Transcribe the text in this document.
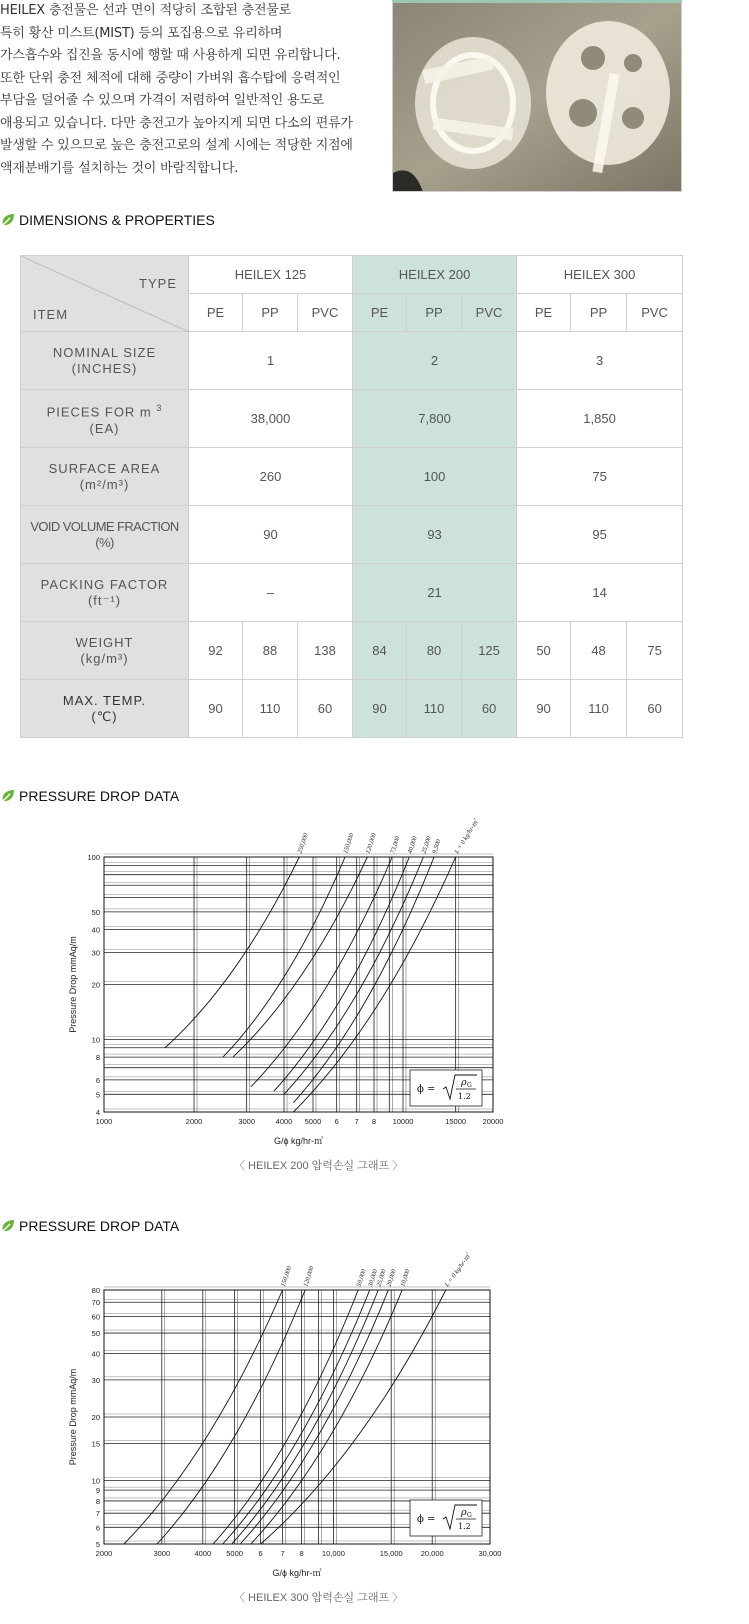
HEILEX 충전물은 선과 면이 적당히 조합된 충전물로
특히 황산 미스트(MIST) 등의 포집용으로 유리하며
가스흡수와 집진을 동시에 행할 때 사용하게 되면 유리합니다.
또한 단위 충전 체적에 대해 중량이 가벼워 흡수탑에 응력적인
부담을 덜어줄 수 있으며 가격이 저렴하여 일반적인 용도로
애용되고 있습니다. 다만 충전고가 높아지게 되면 다소의 편류가
발생할 수 있으므로 높은 충전고로의 설계 시에는 적당한 지점에
액재분배기를 설치하는 것이 바람직합니다.
DIMENSIONS & PROPERTIES
TYPE
ITEM	HEILEX 125			HEILEX 200			HEILEX 300		
	PE	PP	PVC	PE	PP	PVC	PE	PP	PVC
NOMINAL SIZE
(INCHES)	1			2			3		
PIECES FOR m $^3$
(EA)	38,000			7,800			1,850		
SURFACE AREA
(m²/m³)	260			100			75		
VOID VOLUME FRACTION
(%)	90			93			95		
PACKING FACTOR
(ft⁻¹)	–			21			14		
WEIGHT
(kg/m³)	92	88	138	84	80	125	50	48	75
MAX. TEMP.
(℃)	90	110	60	90	110	60	90	110	60
PRESSURE DROP DATA
1000	2000	3000	4000 5000 6 7 8 10000	15000 20000
4
5
6
8
10
20
30
40
50
100
G/ϕ kg/hr-㎡
Pressure Drop mmAq/m
250,000	150,000 120,000 73,000 40,000 25,000
9,500 L = 0 kg/hr-㎡
ϕ =
ρ G
1.2
〈 HEILEX 200 압력손실 그래프 〉
PRESSURE DROP DATA
2000	3000	4000 5000 6 7 8 10,000	15,000 20,000	30,000
5
6
7
8
9
10
15
20
30
40
50
60
70
80
G/ϕ kg/hr-㎡
Pressure Drop mmAq/m
150,000 120,000	50,000 30,000
25,000
20,000 10,000	L = 0 kg/hr-㎡
ϕ =
ρ G
1.2
〈 HEILEX 300 압력손실 그래프 〉
